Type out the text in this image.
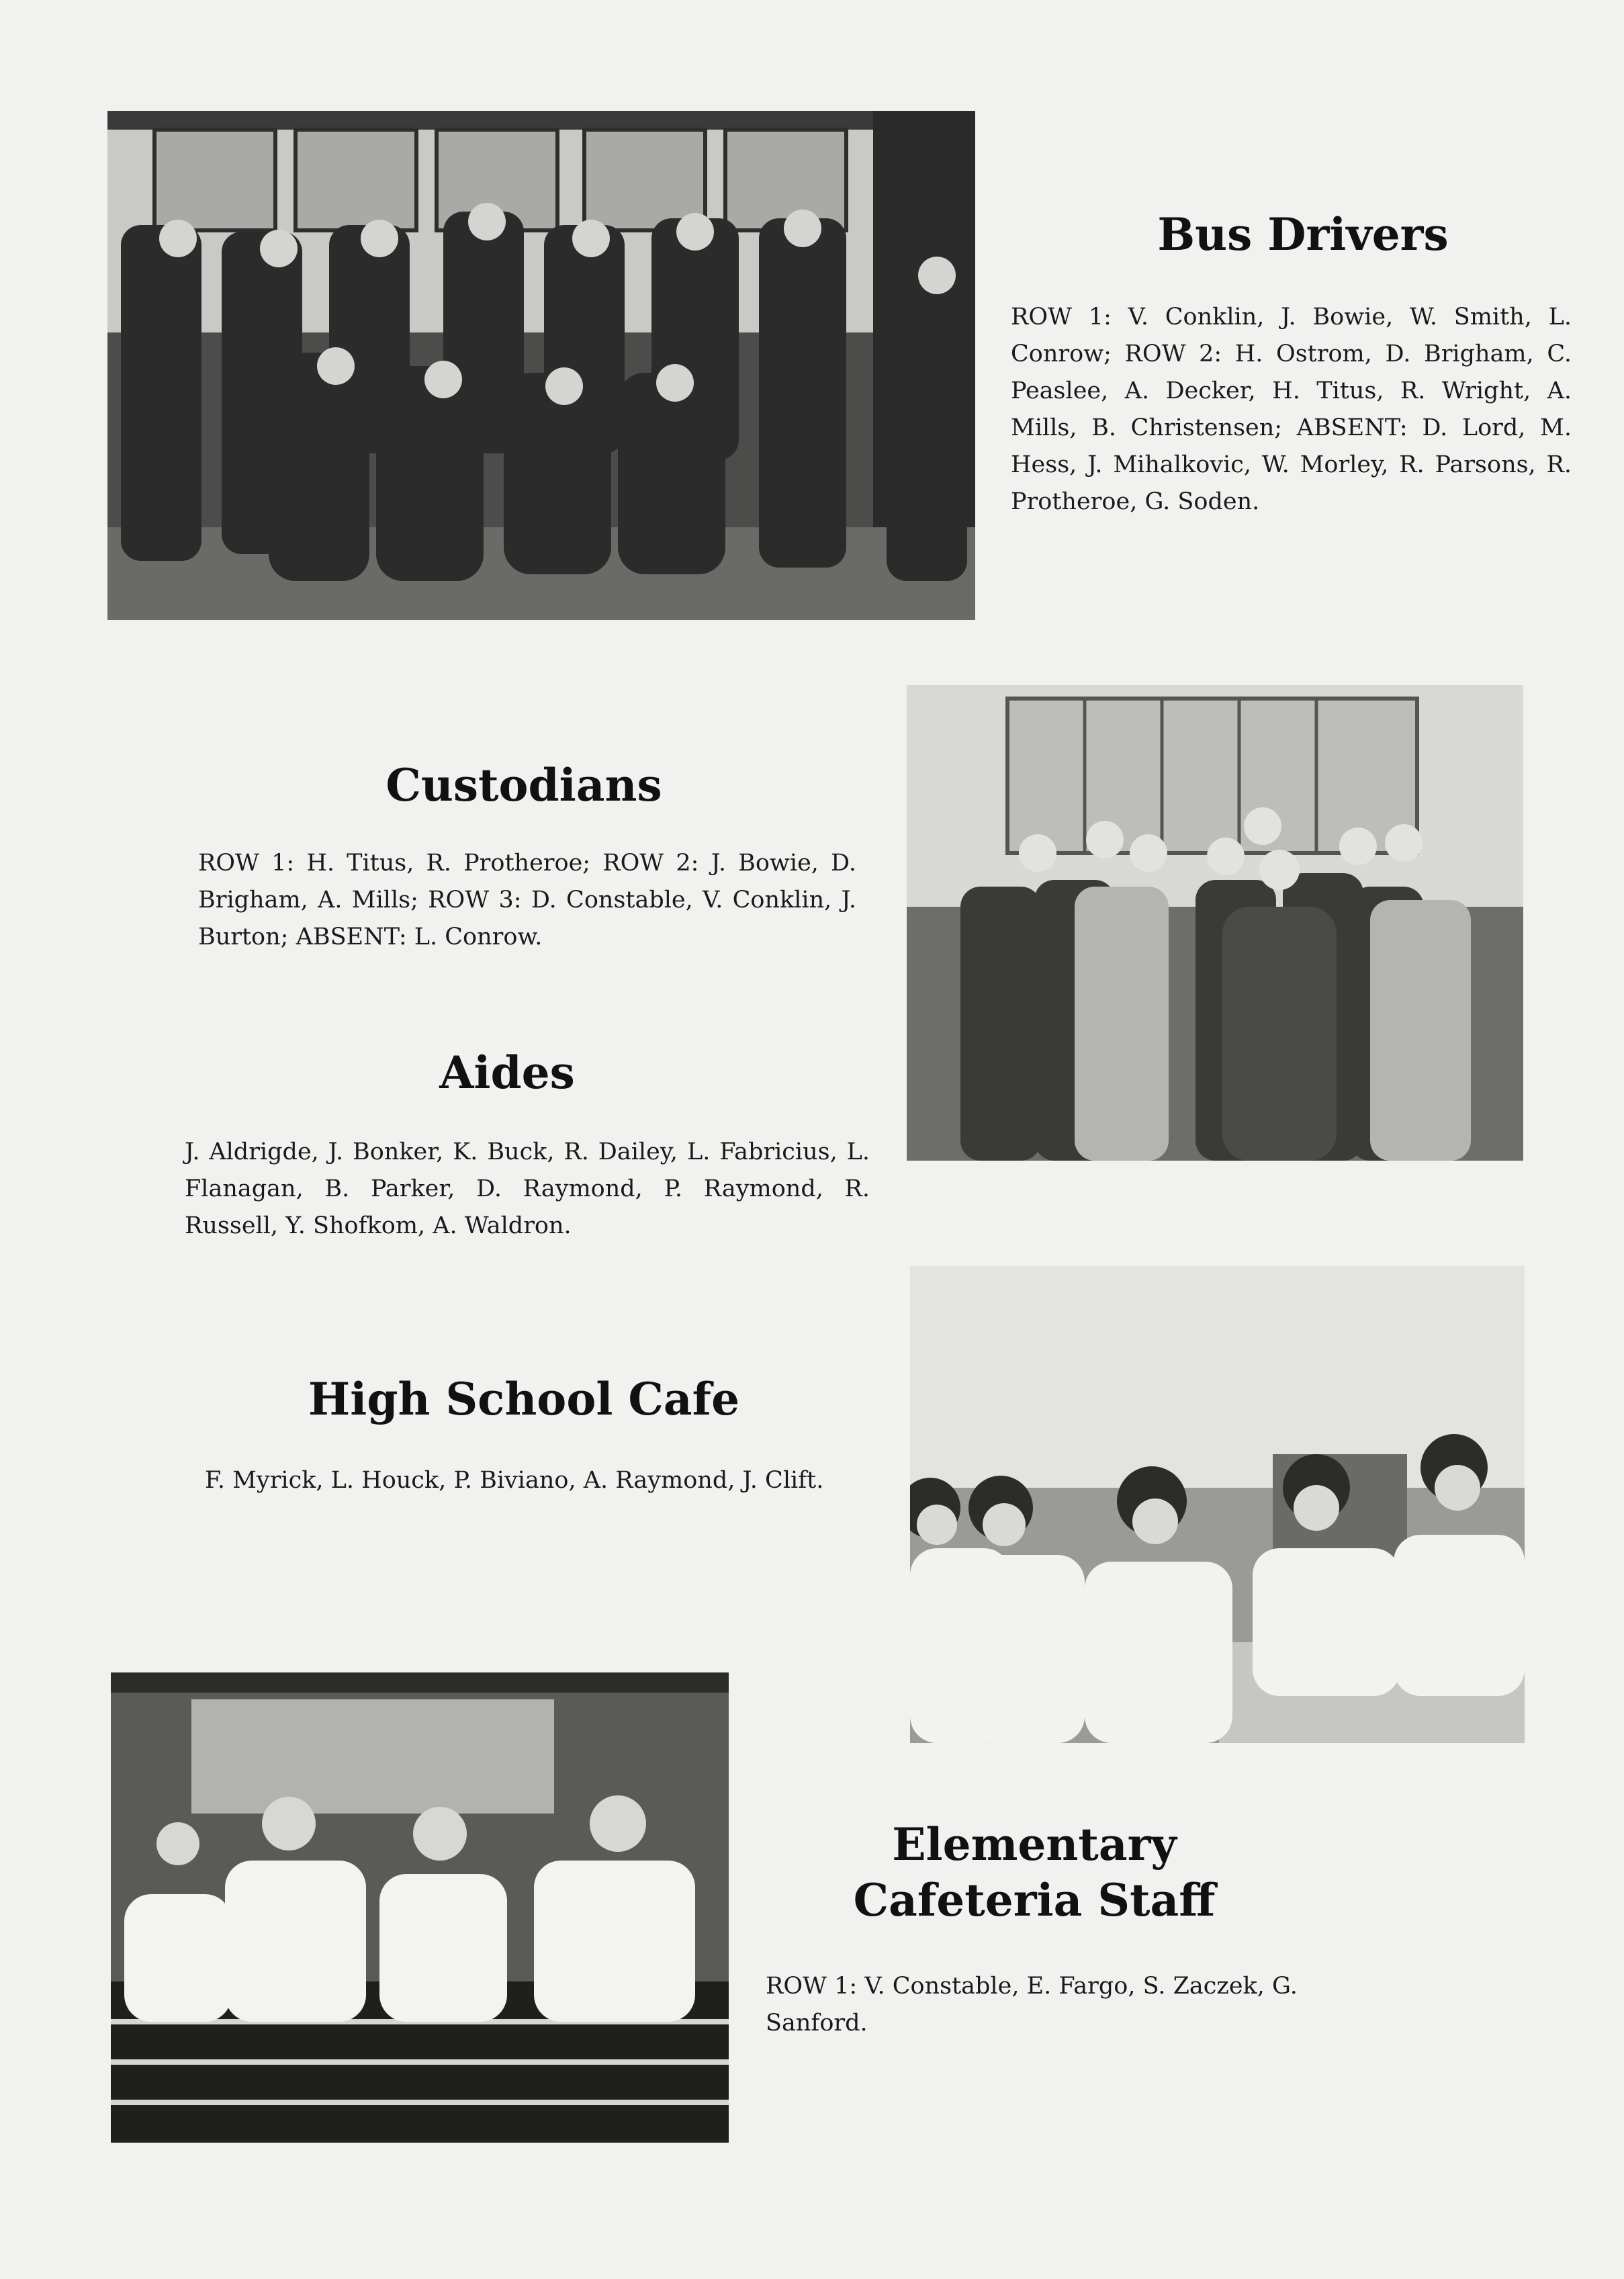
Bus Drivers
ROW 1: V. Conklin, J. Bowie, W. Smith, L. Conrow; ROW 2: H. Ostrom, D. Brigham, C. Peaslee, A. Decker, H. Titus, R. Wright, A. Mills, B. Christensen; ABSENT: D. Lord, M. Hess, J. Mihalkovic, W. Morley, R. Parsons, R. Protheroe, G. Soden.
Custodians
ROW 1: H. Titus, R. Protheroe; ROW 2: J. Bowie, D. Brigham, A. Mills; ROW 3: D. Constable, V. Conklin, J. Burton; ABSENT: L. Conrow.
Aides
J. Aldrigde, J. Bonker, K. Buck, R. Dailey, L. Fabricius, L. Flanagan, B. Parker, D. Raymond, P. Raymond, R. Russell, Y. Shofkom, A. Waldron.
High School Cafe
F. Myrick, L. Houck, P. Biviano, A. Raymond, J. Clift.
Elementary
Cafeteria Staff
ROW 1: V. Constable, E. Fargo, S. Zaczek, G. Sanford.
